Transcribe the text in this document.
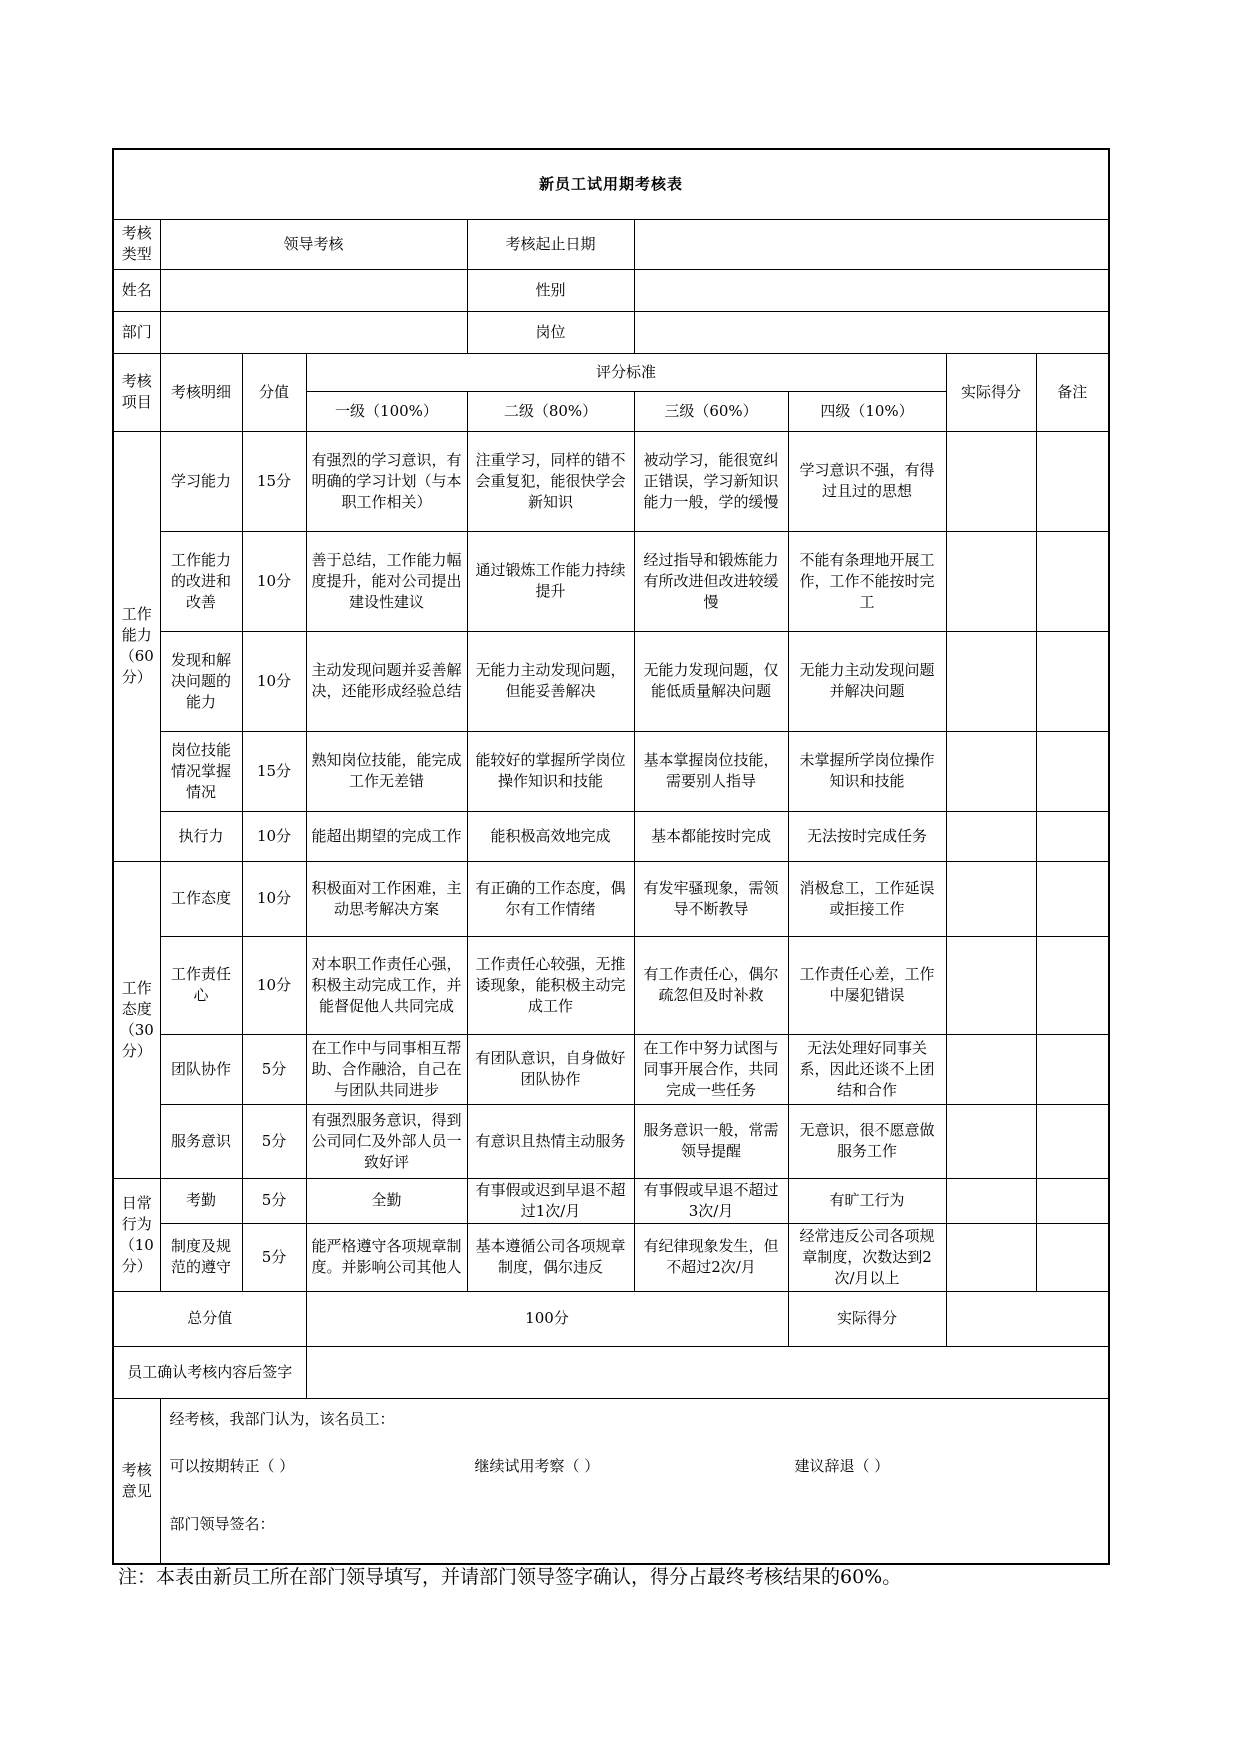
新员工试用期考核表								
考核类型	领导考核			考核起止日期				
姓名				性别				
部门				岗位				
考核项目	考核明细	分值	评分标准				实际得分	备注
			一级（100%）	二级（80%）	三级（60%）	四级（10%）		
工作能力（60分）	学习能力	15分	有强烈的学习意识，有明确的学习计划（与本职工作相关）	注重学习，同样的错不会重复犯，能很快学会新知识	被动学习，能很宽纠正错误，学习新知识能力一般，学的缓慢	学习意识不强，有得过且过的思想		
	工作能力的改进和改善	10分	善于总结，工作能力幅度提升，能对公司提出建设性建议	通过锻炼工作能力持续提升	经过指导和锻炼能力有所改进但改进较缓慢	不能有条理地开展工作，工作不能按时完工		
	发现和解决问题的能力	10分	主动发现问题并妥善解决，还能形成经验总结	无能力主动发现问题，但能妥善解决	无能力发现问题，仅能低质量解决问题	无能力主动发现问题并解决问题		
	岗位技能情况掌握情况	15分	熟知岗位技能，能完成工作无差错	能较好的掌握所学岗位操作知识和技能	基本掌握岗位技能，需要别人指导	未掌握所学岗位操作知识和技能		
	执行力	10分	能超出期望的完成工作	能积极高效地完成	基本都能按时完成	无法按时完成任务		
工作态度（30分）	工作态度	10分	积极面对工作困难，主动思考解决方案	有正确的工作态度，偶尔有工作情绪	有发牢骚现象，需领导不断教导	消极怠工，工作延误或拒接工作		
	工作责任心	10分	对本职工作责任心强，积极主动完成工作，并能督促他人共同完成	工作责任心较强，无推诿现象，能积极主动完成工作	有工作责任心，偶尔疏忽但及时补救	工作责任心差，工作中屡犯错误		
	团队协作	5分	在工作中与同事相互帮助、合作融洽，自己在与团队共同进步	有团队意识，自身做好团队协作	在工作中努力试图与同事开展合作，共同完成一些任务	无法处理好同事关系，因此还谈不上团结和合作		
	服务意识	5分	有强烈服务意识，得到公司同仁及外部人员一致好评	有意识且热情主动服务	服务意识一般，常需领导提醒	无意识，很不愿意做服务工作		
日常行为（10分）	考勤	5分	全勤	有事假或迟到早退不超过1次/月	有事假或早退不超过3次/月	有旷工行为		
	制度及规范的遵守	5分	能严格遵守各项规章制度。并影响公司其他人	基本遵循公司各项规章制度，偶尔违反	有纪律现象发生，但不超过2次/月	经常违反公司各项规章制度，次数达到2次/月以上		
总分值			100分			实际得分		
员工确认考核内容后签字								
考核意见	经考核，我部门认为，该名员工：
可以按期转正（ ） 继续试用考察（ ） 建议辞退（ ）
部门领导签名：							
注：本表由新员工所在部门领导填写，并请部门领导签字确认，得分占最终考核结果的60%。
